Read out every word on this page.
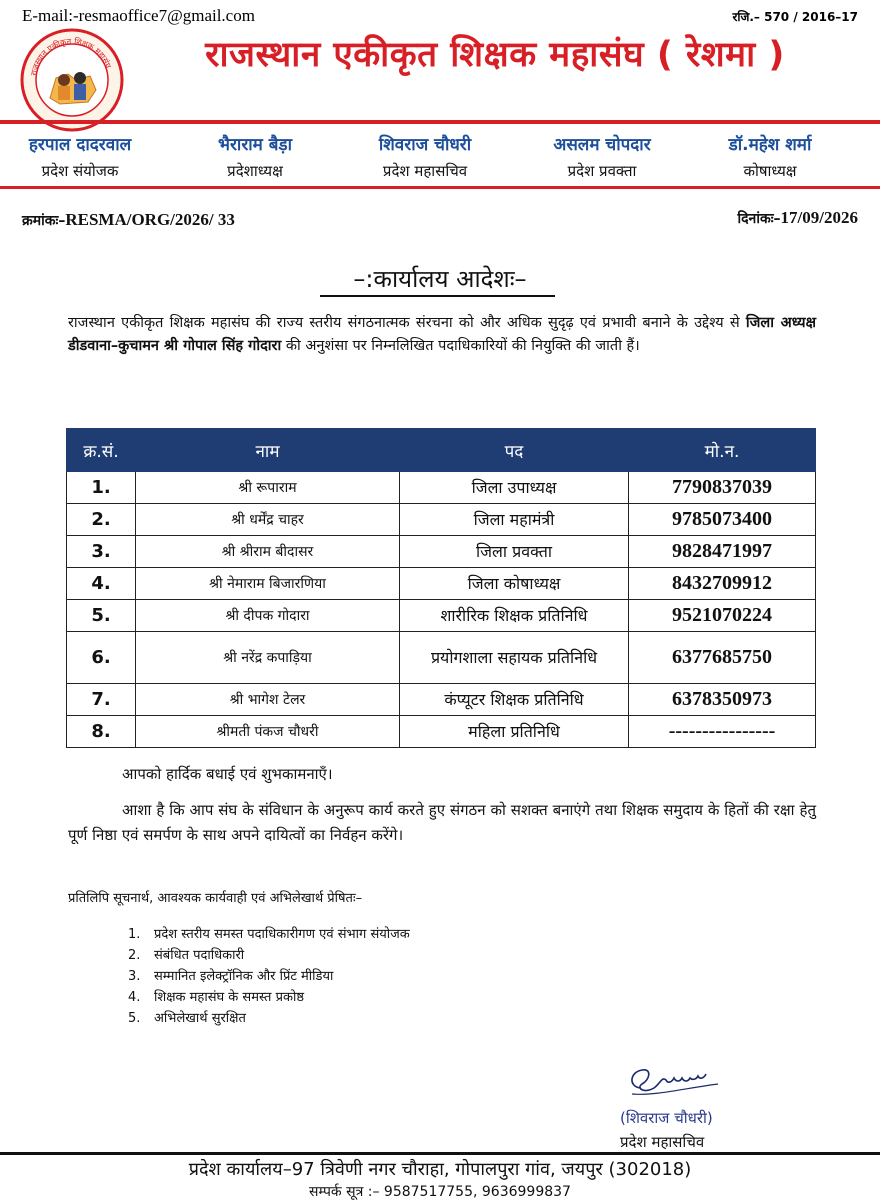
E-mail:-resmaoffice7@gmail.com	रजि.– 570 / 2016–17
राजस्थान एकीकृत शिक्षक महासंघ	राजस्थान एकीकृत शिक्षक महासंघ ( रेशमा )
हरपाल दादरवाल
प्रदेश संयोजक
भैराराम बैड़ा
प्रदेशाध्यक्ष
शिवराज चौधरी
प्रदेश महासचिव
असलम चोपदार
प्रदेश प्रवक्ता
डॉ.महेश शर्मा
कोषाध्यक्ष
क्रमांकः–RESMA/ORG/2026/ 33	दिनांकः–17/09/2026
–:कार्यालय आदेशः–
राजस्थान एकीकृत शिक्षक महासंघ की राज्य स्तरीय संगठनात्मक संरचना को और अधिक सुदृढ़ एवं प्रभावी बनाने के उद्देश्य से जिला अध्यक्ष डीडवाना–कुचामन श्री गोपाल सिंह गोदारा की अनुशंसा पर निम्नलिखित पदाधिकारियों की नियुक्ति की जाती हैं।
क्र.सं.	नाम	पद	मो.न.
1.	श्री रूपाराम	जिला उपाध्यक्ष	7790837039
2.	श्री धर्मेंद्र चाहर	जिला महामंत्री	9785073400
3.	श्री श्रीराम बीदासर	जिला प्रवक्ता	9828471997
4.	श्री नेमाराम बिजारणिया	जिला कोषाध्यक्ष	8432709912
5.	श्री दीपक गोदारा	शारीरिक शिक्षक प्रतिनिधि	9521070224
6.	श्री नरेंद्र कपाड़िया	प्रयोगशाला सहायक प्रतिनिधि	6377685750
7.	श्री भागेश टेलर	कंप्यूटर शिक्षक प्रतिनिधि	6378350973
8.	श्रीमती पंकज चौधरी	महिला प्रतिनिधि	----------------
आपको हार्दिक बधाई एवं शुभकामनाएँ।
आशा है कि आप संघ के संविधान के अनुरूप कार्य करते हुए संगठन को सशक्त बनाएंगे तथा शिक्षक समुदाय के हितों की रक्षा हेतु पूर्ण निष्ठा एवं समर्पण के साथ अपने दायित्वों का निर्वहन करेंगे।
प्रतिलिपि सूचनार्थ, आवश्यक कार्यवाही एवं अभिलेखार्थ प्रेषितः–
1. प्रदेश स्तरीय समस्त पदाधिकारीगण एवं संभाग संयोजक
2. संबंधित पदाधिकारी
3. सम्मानित इलेक्ट्रॉनिक और प्रिंट मीडिया
4. शिक्षक महासंघ के समस्त प्रकोष्ठ
5. अभिलेखार्थ सुरक्षित
(शिवराज चौधरी)
प्रदेश महासचिव
प्रदेश कार्यालय–97 त्रिवेणी नगर चौराहा, गोपालपुरा गांव, जयपुर (302018)
सम्पर्क सूत्र :– 9587517755, 9636999837
